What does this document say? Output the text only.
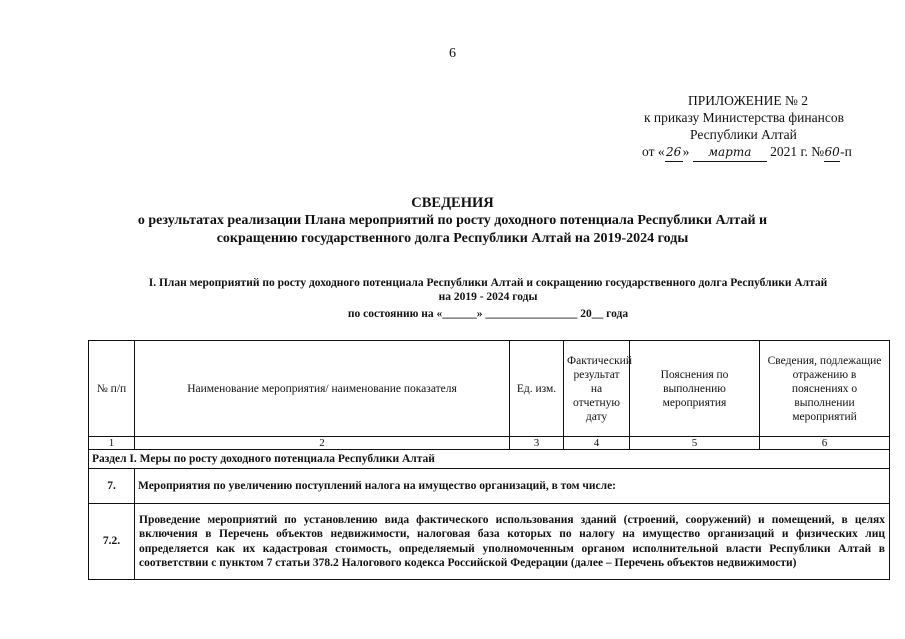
6
ПРИЛОЖЕНИЕ № 2
к приказу Министерства финансов
Республики Алтай
от «26» марта 2021 г. №60-п
СВЕДЕНИЯ
о результатах реализации Плана мероприятий по росту доходного потенциала Республики Алтай и
сокращению государственного долга Республики Алтай на 2019-2024 годы
I. План мероприятий по росту доходного потенциала Республики Алтай и сокращению государственного долга Республики Алтай
на 2019 - 2024 годы
по состоянию на «______» ________________ 20__ года
№ п/п	Наименование мероприятия/ наименование показателя	Ед. изм.	Фактический результат на отчетную дату	Пояснения по выполнению мероприятия	Сведения, подлежащие отражению в пояснениях о выполнении мероприятий
1	2	3	4	5	6
Раздел I. Меры по росту доходного потенциала Республики Алтай					
7.	Мероприятия по увеличению поступлений налога на имущество организаций, в том числе:				
7.2.	Проведение мероприятий по установлению вида фактического использования зданий (строений, сооружений) и помещений, в целях включения в Перечень объектов недвижимости, налоговая база которых по налогу на имущество организаций и физических лиц определяется как их кадастровая стоимость, определяемый уполномоченным органом исполнительной власти Республики Алтай в соответствии с пунктом 7 статьи 378.2 Налогового кодекса Российской Федерации (далее – Перечень объектов недвижимости)				
